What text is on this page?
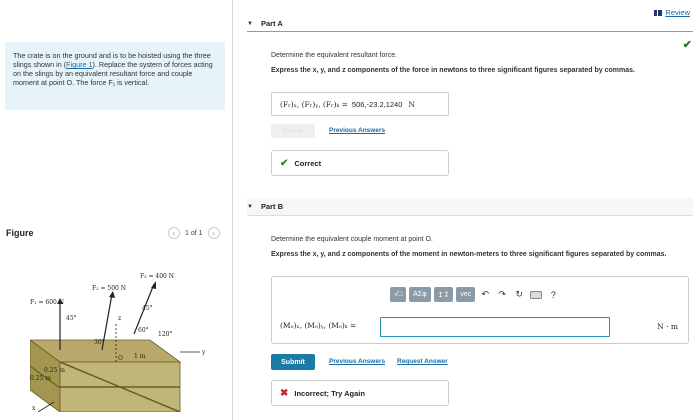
The crate is on the ground and is to be hoisted using the three slings shown in (Figure 1). Replace the system of forces acting on the slings by an equivalent resultant force and couple moment at point O. The force F₁ is vertical.
Figure	‹	1 of 1	›
F₁ = 600 N
F₂ = 500 N
F₃ = 400 N
45°
45°
30°
60°
120°
1 m
0.25 m
0.25 m
O
x
y
z
Review
▼ Part A
✔
Determine the equivalent resultant force.
Express the x, y, and z components of the force in newtons to three significant figures separated by commas.
(Fᵣ)ₓ, (Fᵣ)ᵧ, (Fᵣ)ₖ = 506,-23.2,1240 N
Submit	Previous Answers
✔ Correct
▼ Part B
Determine the equivalent couple moment at point O.
Express the x, y, and z components of the moment in newton-meters to three significant figures separated by commas.
√□	AΣφ	↥↧	vec	↶	↷	↻	?
(Mₒ)ₓ, (Mₒ)ᵧ, (Mₒ)ₖ =	N · m
Submit	Previous Answers Request Answer
✖ Incorrect; Try Again
